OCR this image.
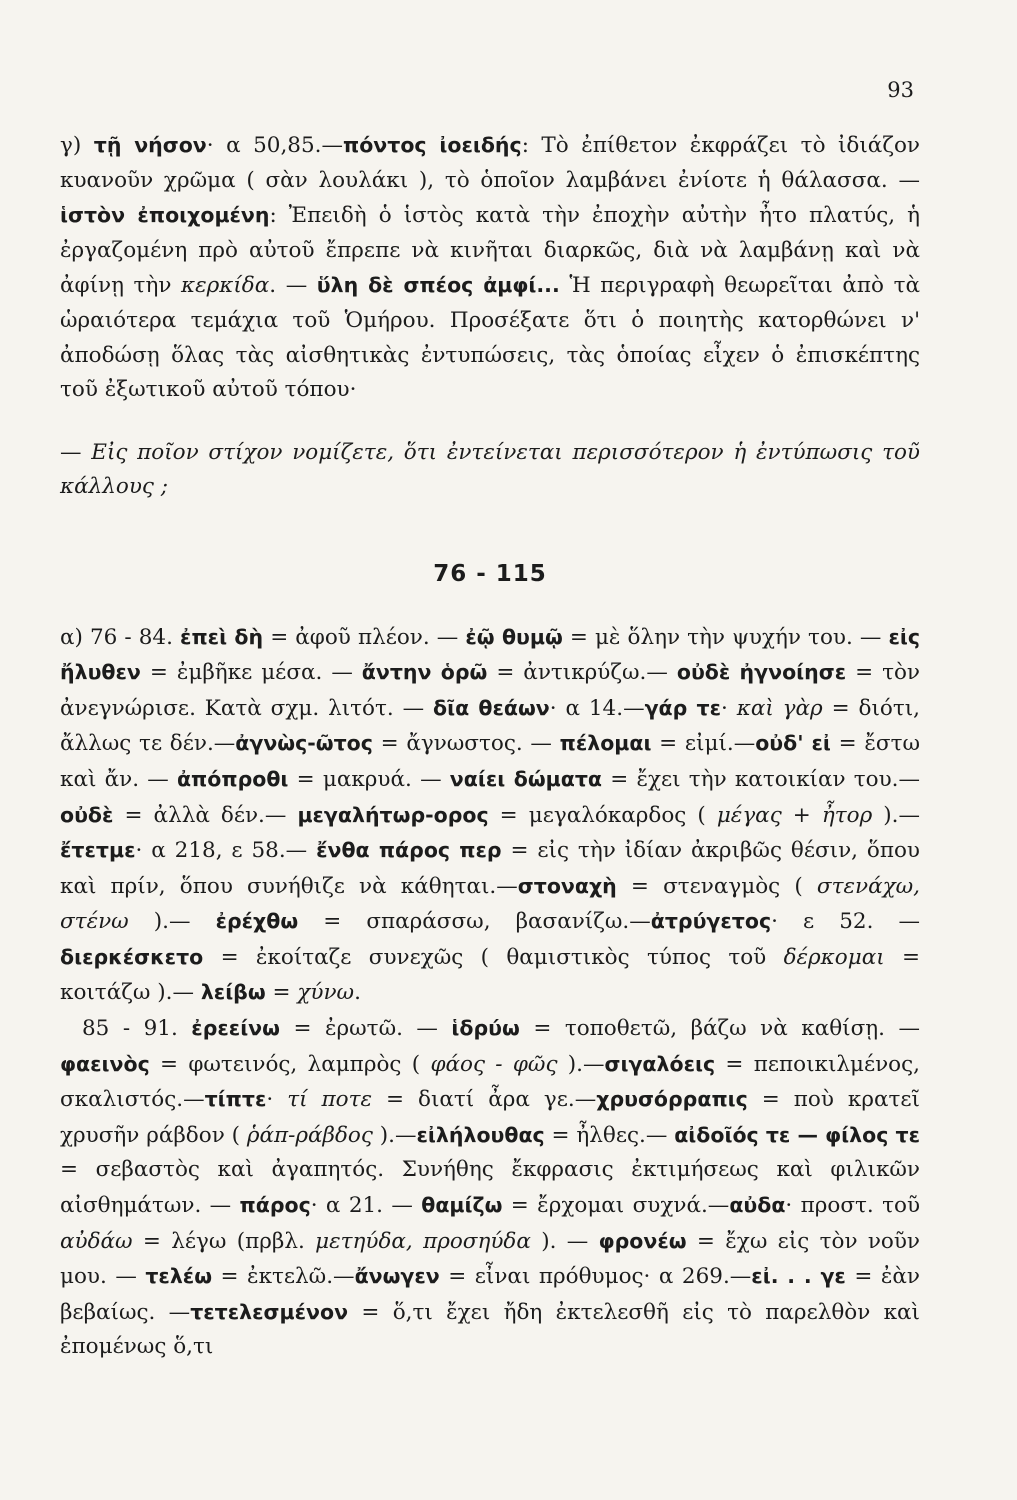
93

γ) τῇ νήσον· α 50,85.—πόντος ἰοειδής: Τὸ ἐπίθετον ἐκφράζει τὸ ἰδιάζον κυανοῦν χρῶμα ( σὰν λουλάκι ), τὸ ὁποῖον λαμβάνει ἐνίοτε ἡ θάλασσα. — ἱστὸν ἐποιχομένη: Ἐπειδὴ ὁ ἱστὸς κατὰ τὴν ἐποχὴν αὐτὴν ἦτο πλατύς, ἡ ἐργαζομένη πρὸ αὐτοῦ ἔπρεπε νὰ κινῆται διαρκῶς, διὰ νὰ λαμβάνῃ καὶ νὰ ἀφίνῃ τὴν κερκίδα. — ὕλη δὲ σπέος ἀμφί... Ἡ περιγραφὴ θεωρεῖται ἀπὸ τὰ ὡραιότερα τεμάχια τοῦ Ὁμήρου. Προσέξατε ὅτι ὁ ποιητὴς κατορθώνει ν' ἀποδώσῃ ὅλας τὰς αἰσθητικὰς ἐντυπώσεις, τὰς ὁποίας εἶχεν ὁ ἐπισκέπτης τοῦ ἐξωτικοῦ αὐτοῦ τόπου·

— Εἰς ποῖον στίχον νομίζετε, ὅτι ἐντείνεται περισσότερον ἡ ἐντύπωσις τοῦ κάλλους ;

76 - 115

α) 76 - 84. ἐπεὶ δὴ = ἀφοῦ πλέον. — ἐῷ θυμῷ = μὲ ὅλην τὴν ψυχήν του. — εἰς ἤλυθεν = ἐμβῆκε μέσα. — ἄντην ὁρῶ = ἀντικρύζω.— οὐδὲ ἠγνοίησε = τὸν ἀνεγνώρισε. Κατὰ σχμ. λιτότ. — δῖα θεάων· α 14.—γάρ τε· καὶ γὰρ = διότι, ἄλλως τε δέν.—ἀγνὼς-ῶτος = ἄγνωστος. — πέλομαι = εἰμί.—οὐδ' εἰ = ἔστω καὶ ἄν. — ἀπόπροθι = μακρυά. — ναίει δώματα = ἔχει τὴν κατοικίαν του.—οὐδὲ = ἀλλὰ δέν.— μεγαλήτωρ-ορος = μεγαλόκαρδος ( μέγας + ἦτορ ).—ἔτετμε· α 218, ε 58.— ἔνθα πάρος περ = εἰς τὴν ἰδίαν ἀκριβῶς θέσιν, ὅπου καὶ πρίν, ὅπου συνήθιζε νὰ κάθηται.—στοναχὴ = στεναγμὸς ( στενάχω, στένω ).— ἐρέχθω = σπαράσσω, βασανίζω.—ἀτρύγετος· ε 52. — διερκέσκετο = ἐκοίταζε συνεχῶς ( θαμιστικὸς τύπος τοῦ δέρκομαι = κοιτάζω ).— λείβω = χύνω.

85 - 91. ἐρεείνω = ἐρωτῶ. — ἱδρύω = τοποθετῶ, βάζω νὰ καθίσῃ. — φαεινὸς = φωτεινός, λαμπρὸς ( φάος - φῶς ).—σιγαλόεις = πεποικιλμένος, σκαλιστός.—τίπτε· τί ποτε = διατί ἆρα γε.—χρυσόρραπις = ποὺ κρατεῖ χρυσῆν ράβδον ( ῥάπ-ράβδος ).—εἰλήλουθας = ἦλθες.— αἰδοῖός τε — φίλος τε = σεβαστὸς καὶ ἀγαπητός. Συνήθης ἔκφρασις ἐκτιμήσεως καὶ φιλικῶν αἰσθημάτων. — πάρος· α 21. — θαμίζω = ἔρχομαι συχνά.—αὐδα· προστ. τοῦ αὐδάω = λέγω (πρβλ. μετηύδα, προσηύδα ). — φρονέω = ἔχω εἰς τὸν νοῦν μου. — τελέω = ἐκτελῶ.—ἄνωγεν = εἶναι πρόθυμος· α 269.—εἰ. . . γε = ἐὰν βεβαίως. —τετελεσμένον = ὅ,τι ἔχει ἤδη ἐκτελεσθῆ εἰς τὸ παρελθὸν καὶ ἐπομένως ὅ,τι
